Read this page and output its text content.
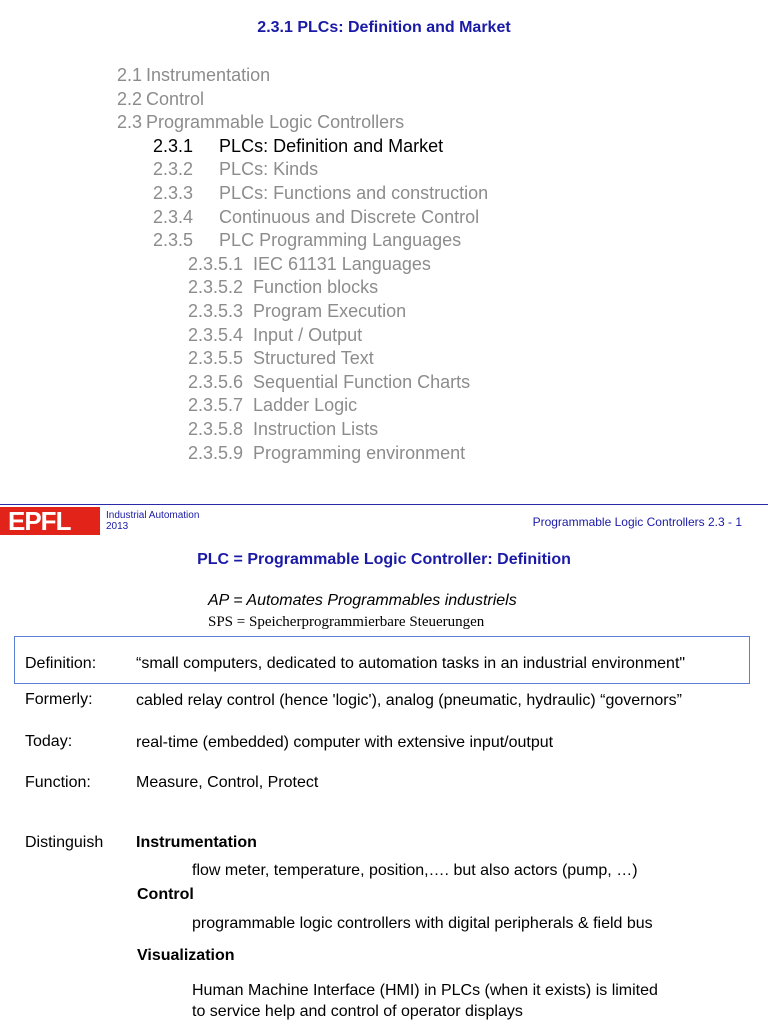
2.3.1 PLCs: Definition and Market
2.1 Instrumentation
2.2 Control
2.3 Programmable Logic Controllers
2.3.1 PLCs: Definition and Market
2.3.2 PLCs: Kinds
2.3.3 PLCs: Functions and construction
2.3.4 Continuous and Discrete Control
2.3.5 PLC Programming Languages
2.3.5.1 IEC 61131 Languages
2.3.5.2 Function blocks
2.3.5.3 Program Execution
2.3.5.4 Input / Output
2.3.5.5 Structured Text
2.3.5.6 Sequential Function Charts
2.3.5.7 Ladder Logic
2.3.5.8 Instruction Lists
2.3.5.9 Programming environment
EPFL	Industrial Automation
2013	Programmable Logic Controllers 2.3 - 1
PLC = Programmable Logic Controller: Definition
AP = Automates Programmables industriels
SPS = Speicherprogrammierbare Steuerungen
Definition: “small computers, dedicated to automation tasks in an industrial environment"
Formerly:	cabled relay control (hence 'logic'), analog (pneumatic, hydraulic) “governors”
Today:	real-time (embedded) computer with extensive input/output
Function:	Measure, Control, Protect
Distinguish Instrumentation
flow meter, temperature, position,…. but also actors (pump, …)
Control
programmable logic controllers with digital peripherals & field bus
Visualization
Human Machine Interface (HMI) in PLCs (when it exists) is limited
to service help and control of operator displays
